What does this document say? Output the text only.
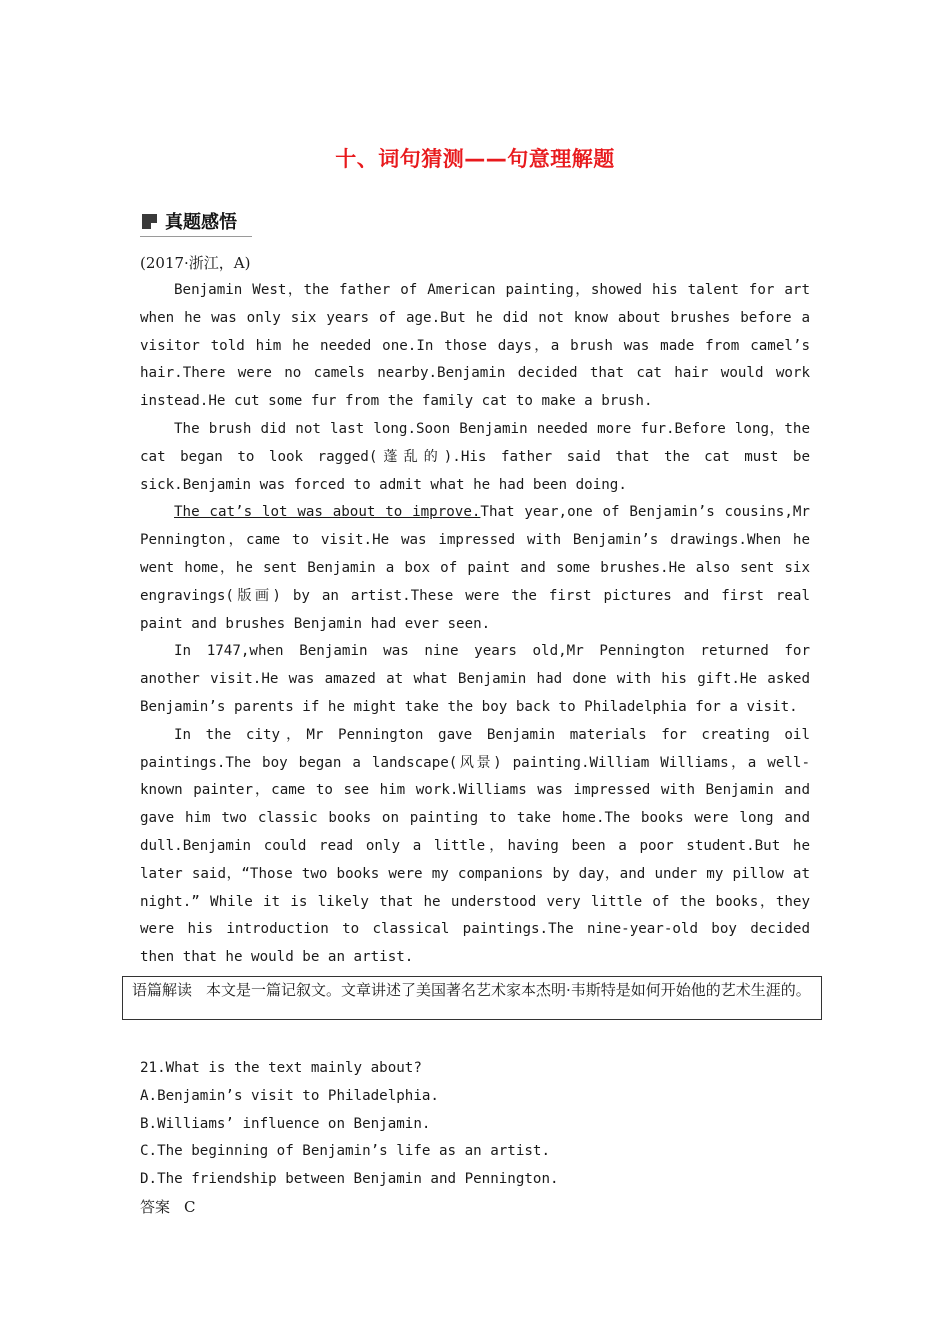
十、词句猜测——句意理解题
真题感悟
(2017·浙江，A)

Benjamin West，the father of American painting，showed his talent for art when he was only six years of age.But he did not know about brushes before a visitor told him he needed one.In those days，a brush was made from camel’s hair.There were no camels nearby.Benjamin decided that cat hair would work instead.He cut some fur from the family cat to make a brush.

The brush did not last long.Soon Benjamin needed more fur.Before long，the cat began to look ragged(蓬乱的).His father said that the cat must be sick.Benjamin was forced to admit what he had been doing.

The cat’s lot was about to improve.That year,one of Benjamin’s cousins,Mr Pennington，came to visit.He was impressed with Benjamin’s drawings.When he went home，he sent Benjamin a box of paint and some brushes.He also sent six engravings(版画) by an artist.These were the first pictures and first real paint and brushes Benjamin had ever seen.

In 1747,when Benjamin was nine years old,Mr Pennington returned for another visit.He was amazed at what Benjamin had done with his gift.He asked Benjamin’s parents if he might take the boy back to Philadelphia for a visit.

In the city，Mr Pennington gave Benjamin materials for creating oil paintings.The boy began a landscape(风景) painting.William Williams，a well-known painter，came to see him work.Williams was impressed with Benjamin and gave him two classic books on painting to take home.The books were long and dull.Benjamin could read only a little，having been a poor student.But he later said，“Those two books were my companions by day，and under my pillow at night.” While it is likely that he understood very little of the books，they were his introduction to classical paintings.The nine-year-old boy decided then that he would be an artist.

语篇解读 本文是一篇记叙文。文章讲述了美国著名艺术家本杰明·韦斯特是如何开始他的艺术生涯的。
21.What is the text mainly about?
A.Benjamin’s visit to Philadelphia.
B.Williams’ influence on Benjamin.
C.The beginning of Benjamin’s life as an artist.
D.The friendship between Benjamin and Pennington.
答案 C
